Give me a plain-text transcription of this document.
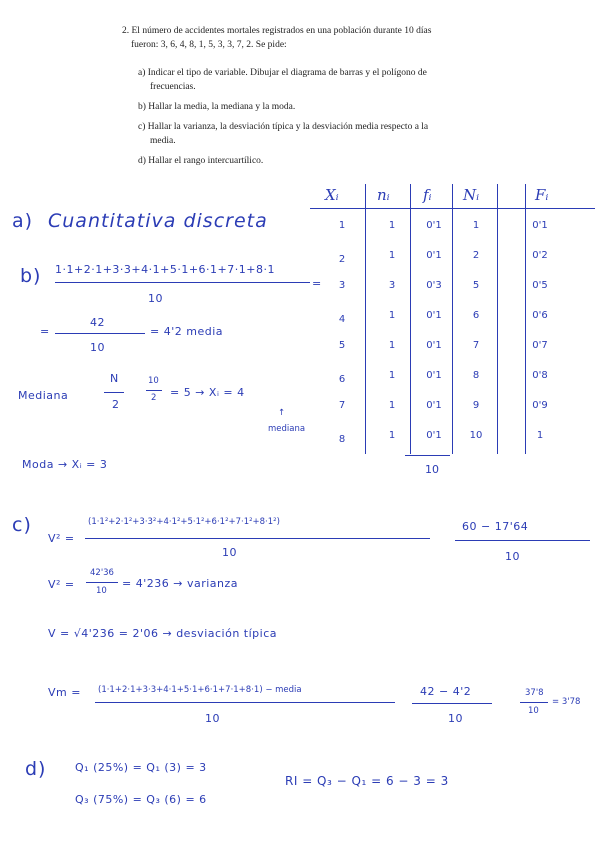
2. El número de accidentes mortales registrados en una población durante 10 días fueron: 3, 6, 4, 8, 1, 5, 3, 3, 7, 2. Se pide:

a) Indicar el tipo de variable. Dibujar el diagrama de barras y el polígono de frecuencias.
b) Hallar la media, la mediana y la moda.
c) Hallar la varianza, la desviación típica y la desviación media respecto a la media.
d) Hallar el rango intercuartílico.
Xᵢ	nᵢ fᵢ Nᵢ	Fᵢ
1	1	0'1	1	0'1
2	1	0'1	2	0'2
3	3	0'3	5	0'5
4	1	0'1	6	0'6
5	1	0'1	7	0'7
6	1	0'1	8	0'8
7	1	0'1	9	0'9
8	1	0'1	10	1
10
a) Cuantitativa discreta
b) 1·1+2·1+3·3+4·1+5·1+6·1+7·1+8·1
=
10
=
42
10
= 4'2 media
Mediana
N
2
10
2 = 5 → Xᵢ = 4
↑
mediana
Moda → Xᵢ = 3
c)
V² =
(1·1²+2·1²+3·3²+4·1²+5·1²+6·1²+7·1²+8·1²)
10
60 − 17'64
10
V² =
42'36
10
= 4'236 → varianza
V = √4'236 = 2'06 → desviación típica
Vm = (1·1+2·1+3·3+4·1+5·1+6·1+7·1+8·1) − media
10
42 − 4'2
10
37'8
10
= 3'78
d)	Q₁ (25%) = Q₁ (3) = 3
Q₃ (75%) = Q₃ (6) = 6
RI = Q₃ − Q₁ = 6 − 3 = 3
